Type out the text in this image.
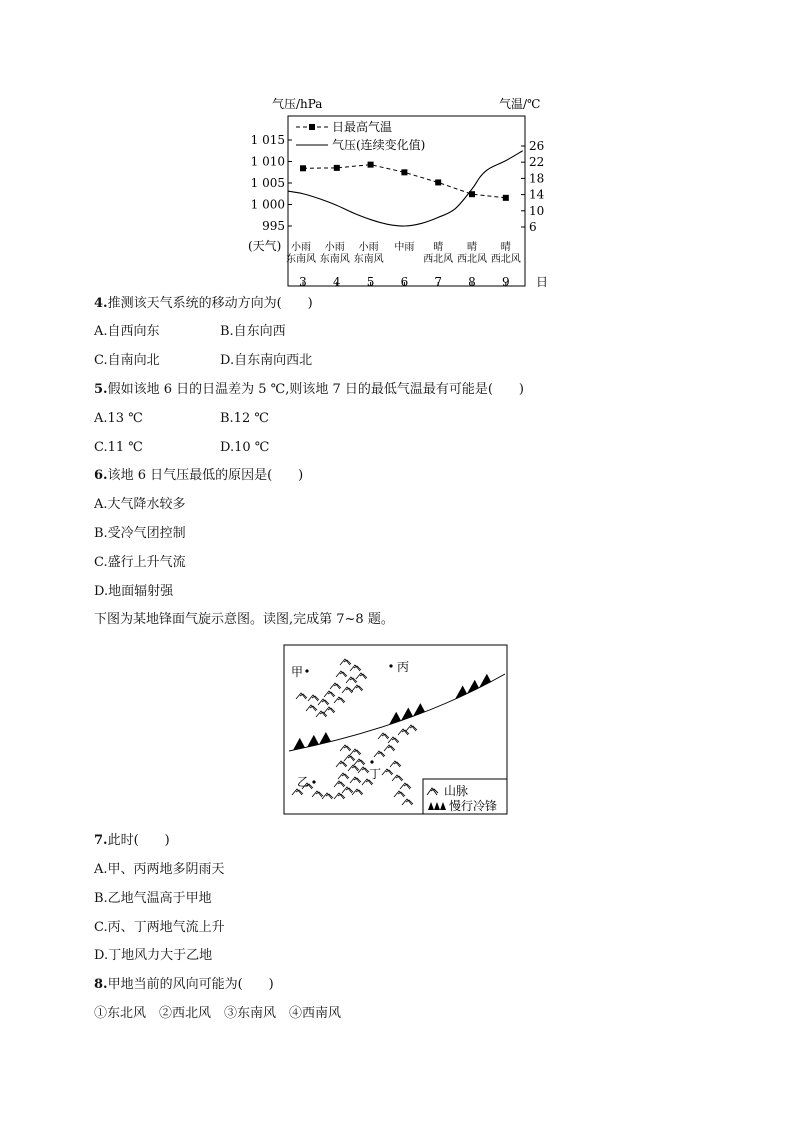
气压/hPa	气温/℃
1 015
1 010
1 005
1 000
995
26
22
18
14
10
6
小雨
东南风
小雨
东南风
小雨
东南风
中雨 晴
西北风
晴
西北风
晴
西北风
3 4 5 6 7 8 9 日
(天气)
日最高气温
气压(连续变化值)
4.推测该天气系统的移动方向为(　　)
A.自西向东	B.自东向西
C.自南向北	D.自东南向西北
5.假如该地 6 日的日温差为 5 ℃,则该地 7 日的最低气温最有可能是(　　)
A.13 ℃	B.12 ℃
C.11 ℃	D.10 ℃
6.该地 6 日气压最低的原因是(　　)
A.大气降水较多
B.受冷气团控制
C.盛行上升气流
D.地面辐射强
下图为某地锋面气旋示意图。读图,完成第 7~8 题。
甲	丙
乙
丁
山脉
慢行冷锋
7.此时(　　)
A.甲、丙两地多阴雨天
B.乙地气温高于甲地
C.丙、丁两地气流上升
D.丁地风力大于乙地
8.甲地当前的风向可能为(　　)
①东北风　②西北风　③东南风　④西南风
